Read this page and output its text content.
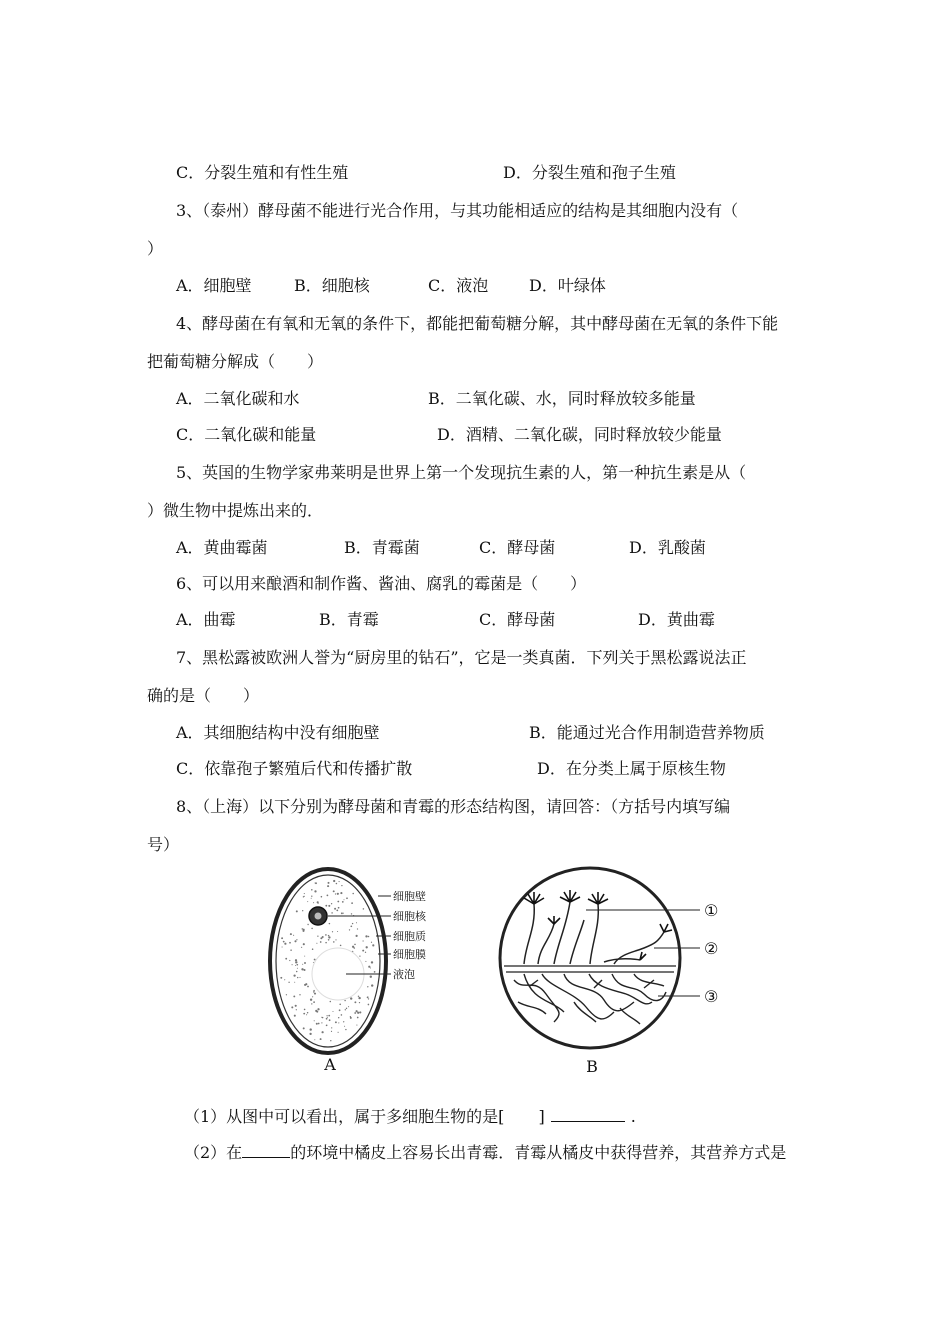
C．分裂生殖和有性生殖	D．分裂生殖和孢子生殖
3、（泰州）酵母菌不能进行光合作用，与其功能相适应的结构是其细胞内没有（
）
A．细胞壁	B．细胞核	C．液泡	D．叶绿体
4、酵母菌在有氧和无氧的条件下，都能把葡萄糖分解，其中酵母菌在无氧的条件下能
把葡萄糖分解成（　　）
A．二氧化碳和水	B．二氧化碳、水，同时释放较多能量
C．二氧化碳和能量	D．酒精、二氧化碳，同时释放较少能量
5、英国的生物学家弗莱明是世界上第一个发现抗生素的人，第一种抗生素是从（
）微生物中提炼出来的．
A．黄曲霉菌	B．青霉菌	C．酵母菌	D．乳酸菌
6、可以用来酿酒和制作酱、酱油、腐乳的霉菌是（　　）
A．曲霉	B．青霉	C．酵母菌	D．黄曲霉
7、黑松露被欧洲人誉为“厨房里的钻石”，它是一类真菌．下列关于黑松露说法正
确的是（　　）
A．其细胞结构中没有细胞壁	B．能通过光合作用制造营养物质
C．依靠孢子繁殖后代和传播扩散	D．在分类上属于原核生物
8、（上海）以下分别为酵母菌和青霉的形态结构图，请回答：（方括号内填写编
号）
细胞壁
细胞核
细胞质
细胞膜
液泡
A
①
②
③
B
（1）从图中可以看出，属于多细胞生物的是[ ]	.
（2）在	的环境中橘皮上容易长出青霉．青霉从橘皮中获得营养，其营养方式是
